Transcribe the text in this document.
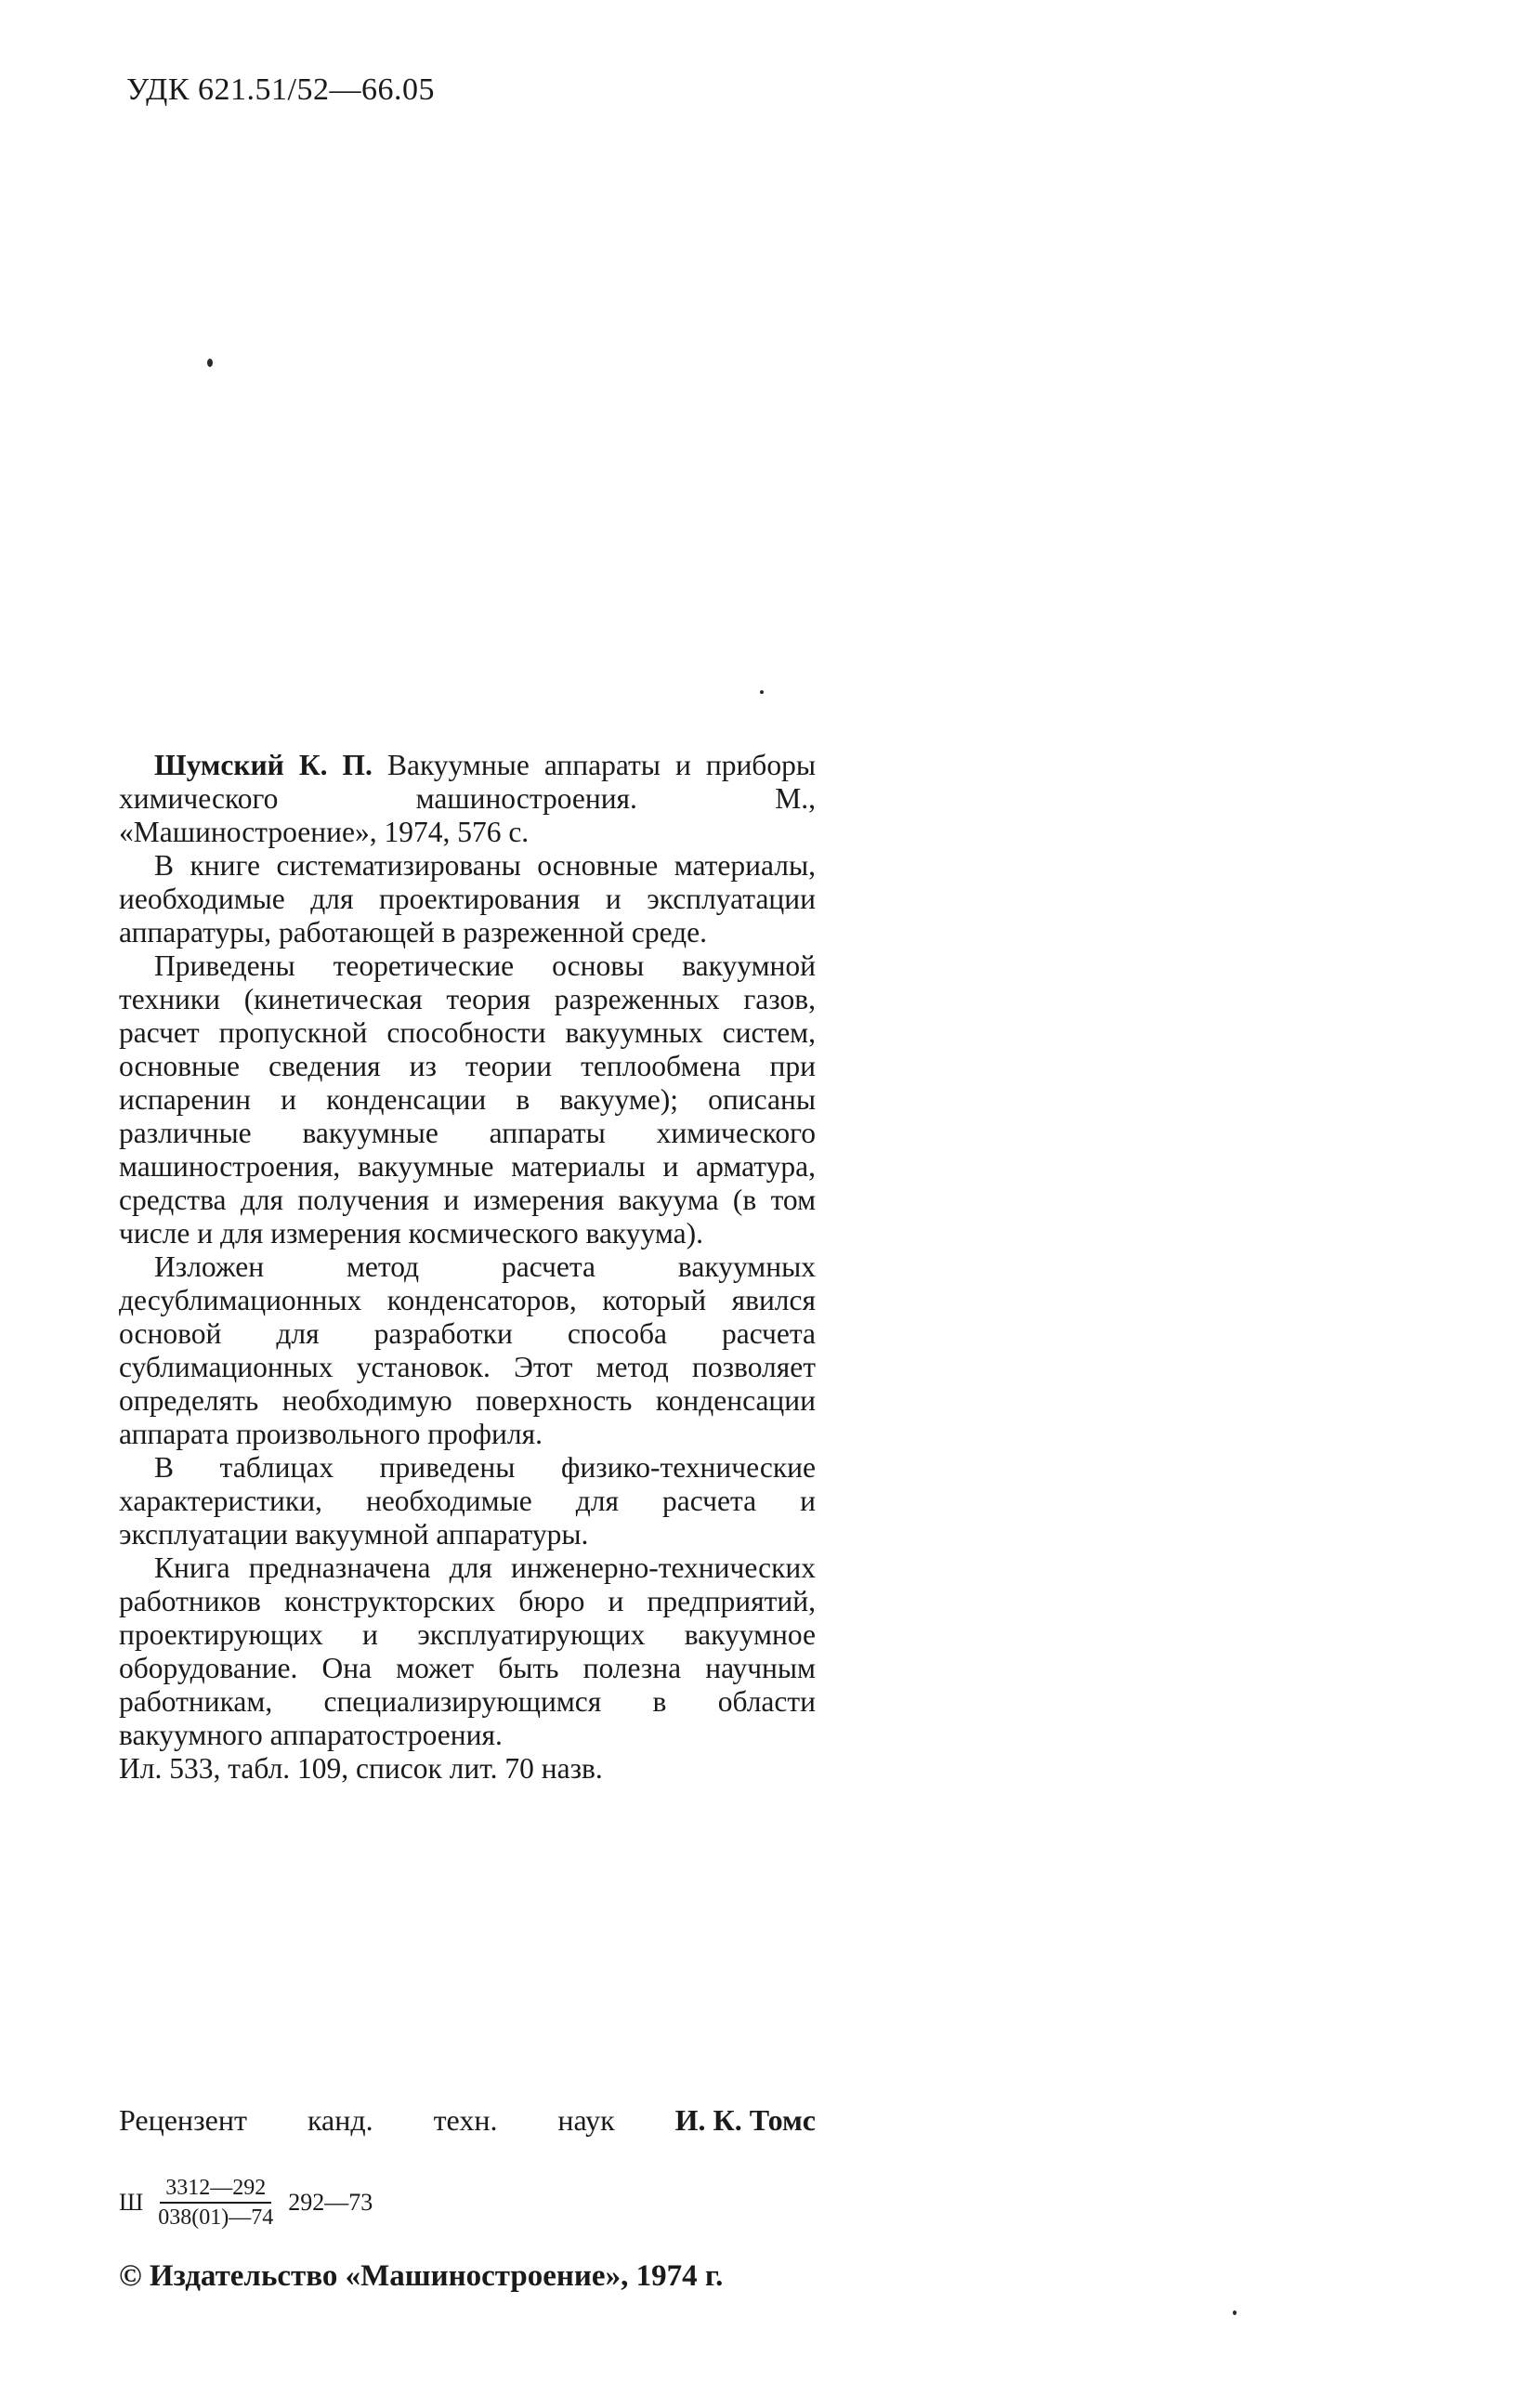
УДК 621.51/52—66.05

Шумский К. П. Вакуумные аппараты и приборы химического машиностроения. М., «Машиностроение», 1974, 576 с.

В книге систематизированы основные материалы, иеобходимые для проектирования и эксплуатации аппаратуры, работающей в разреженной среде.

Приведены теоретические основы вакуумной техники (кинетическая теория разреженных газов, расчет пропускной способности вакуумных систем, основные сведения из теории теплообмена при испаренин и конденсации в вакууме); описаны различные вакуумные аппараты химического машиностроения, вакуумные материалы и арматура, средства для получения и измерения вакуума (в том числе и для измерения космического вакуума).

Изложен метод расчета вакуумных десублимационных конденсаторов, который явился основой для разработки способа расчета сублимационных установок. Этот метод позволяет определять необходимую поверхность конденсации аппарата произвольного профиля.

В таблицах приведены физико-технические характеристики, необходимые для расчета и эксплуатации вакуумной аппаратуры.

Книга предназначена для инженерно-технических работников конструкторских бюро и предприятий, проектирующих и эксплуатирующих вакуумное оборудование. Она может быть полезна научным работникам, специализирующимся в области вакуумного аппаратостроения.

Ил. 533, табл. 109, список лит. 70 назв.

Рецензент канд. техн. наук И. К. Томс
Ш $\frac{3312—292}{038(01)—74}$ 292—73
© Издательство «Машиностроение», 1974 г.
